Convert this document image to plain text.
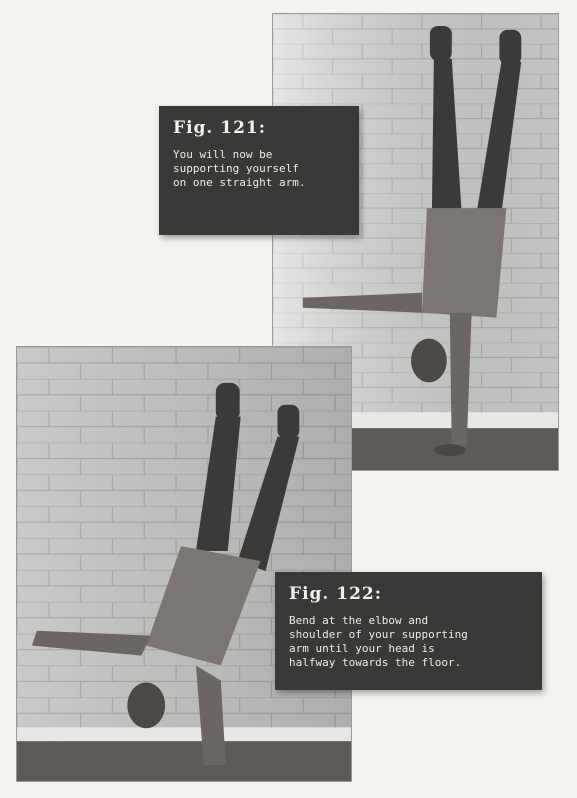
Fig. 121:
You will now be
supporting yourself
on one straight arm.
Fig. 122:
Bend at the elbow and
shoulder of your supporting
arm until your head is
halfway towards the floor.
